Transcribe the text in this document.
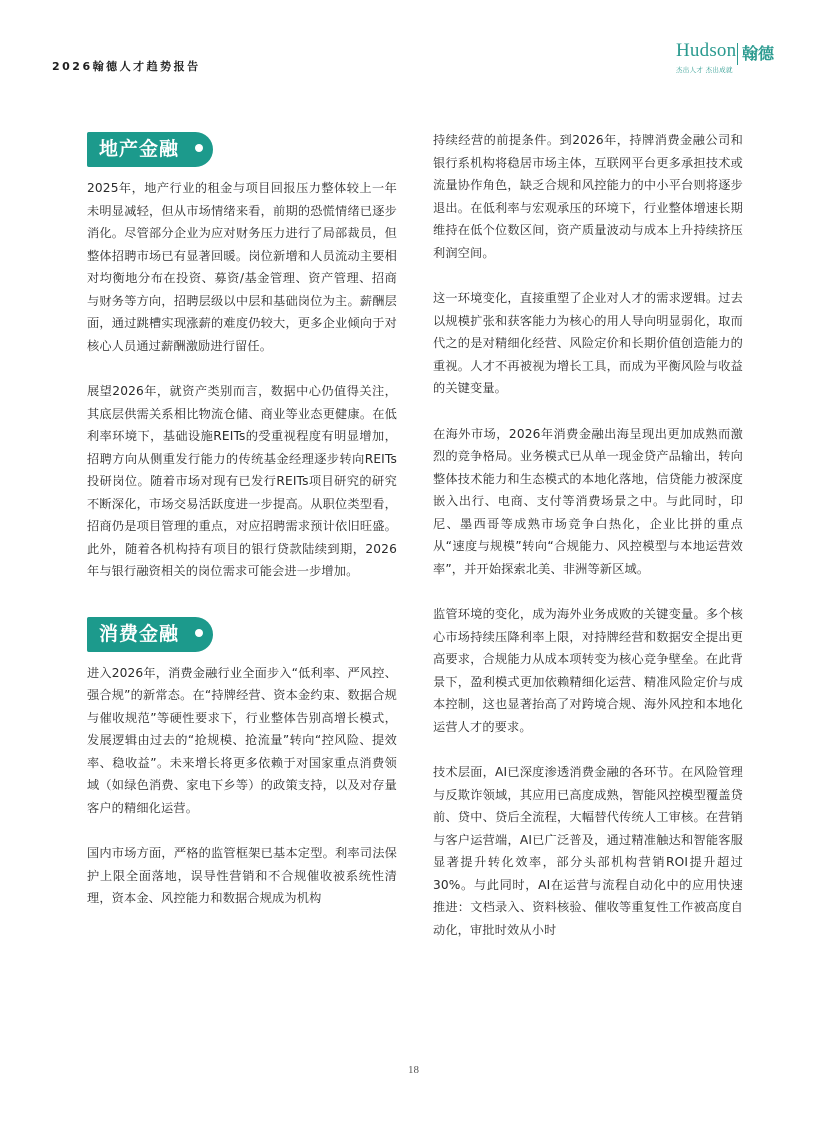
2026翰德人才趋势报告
Hudson 翰德
杰出人才 杰出成就
地产金融

2025年，地产行业的租金与项目回报压力整体较上一年未明显减轻，但从市场情绪来看，前期的恐慌情绪已逐步消化。尽管部分企业为应对财务压力进行了局部裁员，但整体招聘市场已有显著回暖。岗位新增和人员流动主要相对均衡地分布在投资、募资/基金管理、资产管理、招商与财务等方向，招聘层级以中层和基础岗位为主。薪酬层面，通过跳槽实现涨薪的难度仍较大，更多企业倾向于对核心人员通过薪酬激励进行留任。

展望2026年，就资产类别而言，数据中心仍值得关注，其底层供需关系相比物流仓储、商业等业态更健康。在低利率环境下，基础设施REITs的受重视程度有明显增加，招聘方向从侧重发行能力的传统基金经理逐步转向REITs投研岗位。随着市场对现有已发行REITs项目研究的研究不断深化，市场交易活跃度进一步提高。从职位类型看，招商仍是项目管理的重点，对应招聘需求预计依旧旺盛。此外，随着各机构持有项目的银行贷款陆续到期，2026年与银行融资相关的岗位需求可能会进一步增加。

消费金融

进入2026年，消费金融行业全面步入“低利率、严风控、强合规”的新常态。在“持牌经营、资本金约束、数据合规与催收规范”等硬性要求下，行业整体告别高增长模式，发展逻辑由过去的“抢规模、抢流量”转向“控风险、提效率、稳收益”。未来增长将更多依赖于对国家重点消费领域（如绿色消费、家电下乡等）的政策支持，以及对存量客户的精细化运营。

国内市场方面，严格的监管框架已基本定型。利率司法保护上限全面落地，误导性营销和不合规催收被系统性清理，资本金、风控能力和数据合规成为机构

持续经营的前提条件。到2026年，持牌消费金融公司和银行系机构将稳居市场主体，互联网平台更多承担技术或流量协作角色，缺乏合规和风控能力的中小平台则将逐步退出。在低利率与宏观承压的环境下，行业整体增速长期维持在低个位数区间，资产质量波动与成本上升持续挤压利润空间。

这一环境变化，直接重塑了企业对人才的需求逻辑。过去以规模扩张和获客能力为核心的用人导向明显弱化，取而代之的是对精细化经营、风险定价和长期价值创造能力的重视。人才不再被视为增长工具，而成为平衡风险与收益的关键变量。

在海外市场，2026年消费金融出海呈现出更加成熟而激烈的竞争格局。业务模式已从单一现金贷产品输出，转向整体技术能力和生态模式的本地化落地，信贷能力被深度嵌入出行、电商、支付等消费场景之中。与此同时，印尼、墨西哥等成熟市场竞争白热化，企业比拼的重点从“速度与规模”转向“合规能力、风控模型与本地运营效率”，并开始探索北美、非洲等新区域。

监管环境的变化，成为海外业务成败的关键变量。多个核心市场持续压降利率上限，对持牌经营和数据安全提出更高要求，合规能力从成本项转变为核心竞争壁垒。在此背景下，盈利模式更加依赖精细化运营、精准风险定价与成本控制，这也显著抬高了对跨境合规、海外风控和本地化运营人才的要求。

技术层面，AI已深度渗透消费金融的各环节。在风险管理与反欺诈领域，其应用已高度成熟，智能风控模型覆盖贷前、贷中、贷后全流程，大幅替代传统人工审核。在营销与客户运营端，AI已广泛普及，通过精准触达和智能客服显著提升转化效率，部分头部机构营销ROI提升超过30%。与此同时，AI在运营与流程自动化中的应用快速推进：文档录入、资料核验、催收等重复性工作被高度自动化，审批时效从小时

18
